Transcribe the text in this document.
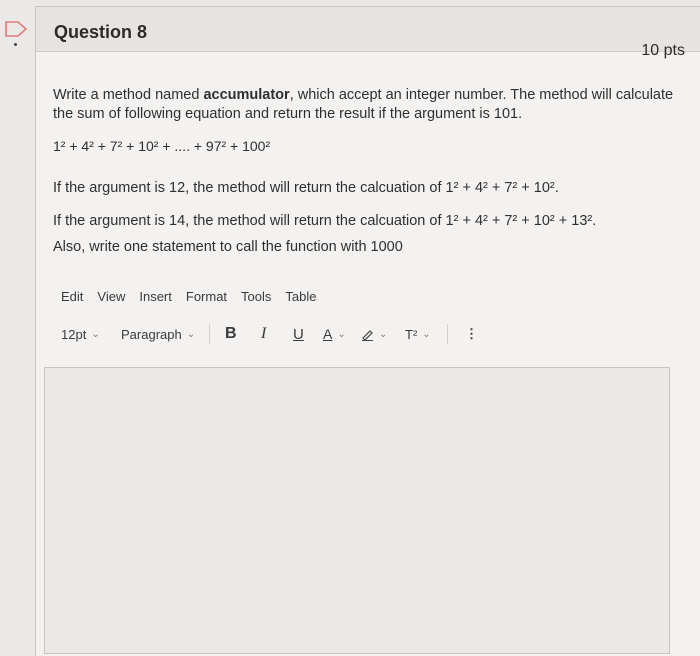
Question 8
10 pts
Write a method named accumulator, which accept an integer number. The method will calculate
the sum of following equation and return the result if the argument is 101.
1² + 4² + 7² + 10² + .... + 97² + 100²
If the argument is 12, the method will return the calcuation of 1² + 4² + 7² + 10².
If the argument is 14, the method will return the calcuation of 1² + 4² + 7² + 10² + 13².
Also, write one statement to call the function with 1000
Edit View Insert Format Tools Table
12pt ⌄ Paragraph ⌄ B I U A ⌄	⌄ T² ⌄	⋮
